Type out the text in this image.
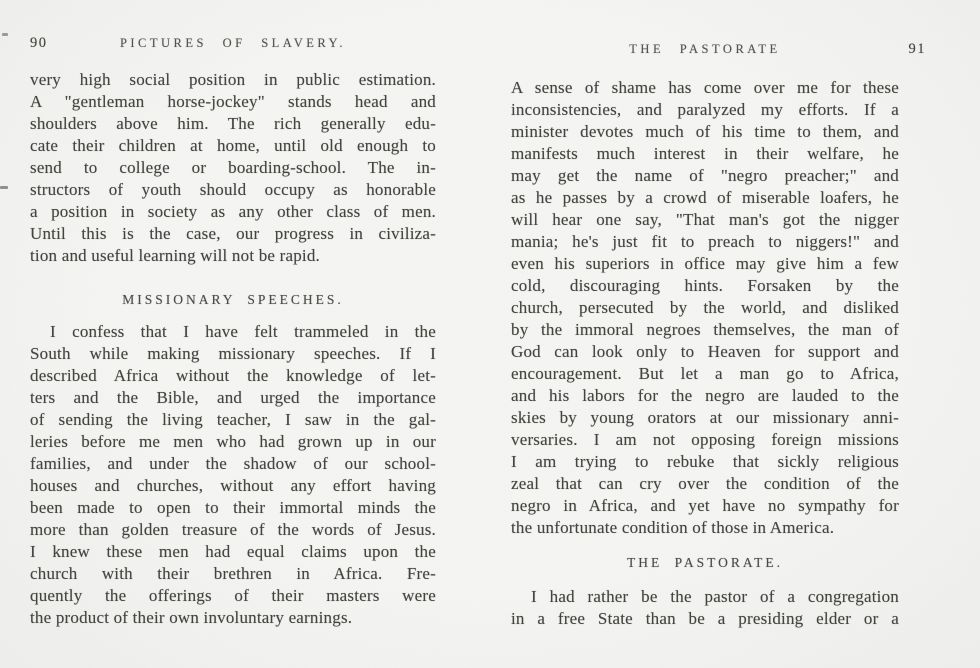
90	PICTURES OF SLAVERY.
very high social position in public estimation.
A "gentleman horse-jockey" stands head and
shoulders above him. The rich generally edu-
cate their children at home, until old enough to
send to college or boarding-school. The in-
structors of youth should occupy as honorable
a position in society as any other class of men.
Until this is the case, our progress in civiliza-
tion and useful learning will not be rapid.
MISSIONARY SPEECHES.
I confess that I have felt trammeled in the
South while making missionary speeches. If I
described Africa without the knowledge of let-
ters and the Bible, and urged the importance
of sending the living teacher, I saw in the gal-
leries before me men who had grown up in our
families, and under the shadow of our school-
houses and churches, without any effort having
been made to open to their immortal minds the
more than golden treasure of the words of Jesus.
I knew these men had equal claims upon the
church with their brethren in Africa. Fre-
quently the offerings of their masters were
the product of their own involuntary earnings.
THE PASTORATE	91
A sense of shame has come over me for these
inconsistencies, and paralyzed my efforts. If a
minister devotes much of his time to them, and
manifests much interest in their welfare, he
may get the name of "negro preacher;" and
as he passes by a crowd of miserable loafers, he
will hear one say, "That man's got the nigger
mania; he's just fit to preach to niggers!" and
even his superiors in office may give him a few
cold, discouraging hints. Forsaken by the
church, persecuted by the world, and disliked
by the immoral negroes themselves, the man of
God can look only to Heaven for support and
encouragement. But let a man go to Africa,
and his labors for the negro are lauded to the
skies by young orators at our missionary anni-
versaries. I am not opposing foreign missions
I am trying to rebuke that sickly religious
zeal that can cry over the condition of the
negro in Africa, and yet have no sympathy for
the unfortunate condition of those in America.
THE PASTORATE.
I had rather be the pastor of a congregation
in a free State than be a presiding elder or a
